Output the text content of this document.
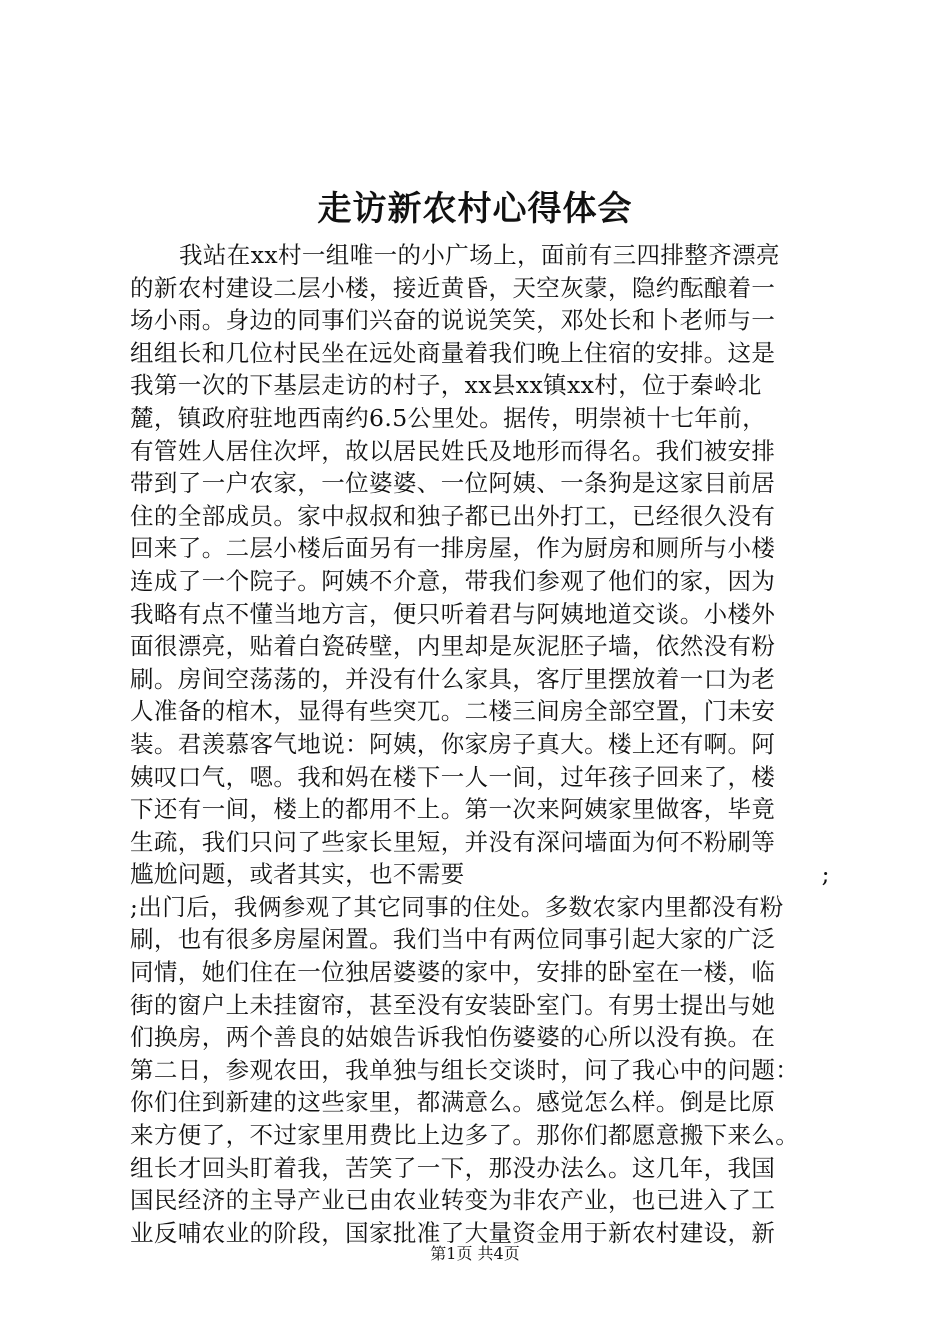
走访新农村心得体会
我站在xx村一组唯一的小广场上，面前有三四排整齐漂亮
的新农村建设二层小楼，接近黄昏，天空灰蒙，隐约酝酿着一
场小雨。身边的同事们兴奋的说说笑笑，邓处长和卜老师与一
组组长和几位村民坐在远处商量着我们晚上住宿的安排。这是
我第一次的下基层走访的村子，xx县xx镇xx村，位于秦岭北
麓，镇政府驻地西南约6.5公里处。据传，明崇祯十七年前，
有管姓人居住次坪，故以居民姓氏及地形而得名。我们被安排
带到了一户农家，一位婆婆、一位阿姨、一条狗是这家目前居
住的全部成员。家中叔叔和独子都已出外打工，已经很久没有
回来了。二层小楼后面另有一排房屋，作为厨房和厕所与小楼
连成了一个院子。阿姨不介意，带我们参观了他们的家，因为
我略有点不懂当地方言，便只听着君与阿姨地道交谈。小楼外
面很漂亮，贴着白瓷砖壁，内里却是灰泥胚子墙，依然没有粉
刷。房间空荡荡的，并没有什么家具，客厅里摆放着一口为老
人准备的棺木，显得有些突兀。二楼三间房全部空置，门未安
装。君羡慕客气地说：阿姨，你家房子真大。楼上还有啊。阿
姨叹口气，嗯。我和妈在楼下一人一间，过年孩子回来了，楼
下还有一间，楼上的都用不上。第一次来阿姨家里做客，毕竟
生疏，我们只问了些家长里短，并没有深问墙面为何不粉刷等
尴尬问题，或者其实，也不需要	;
;出门后，我俩参观了其它同事的住处。多数农家内里都没有粉
刷，也有很多房屋闲置。我们当中有两位同事引起大家的广泛
同情，她们住在一位独居婆婆的家中，安排的卧室在一楼，临
街的窗户上未挂窗帘，甚至没有安装卧室门。有男士提出与她
们换房，两个善良的姑娘告诉我怕伤婆婆的心所以没有换。在
第二日，参观农田，我单独与组长交谈时，问了我心中的问题：
你们住到新建的这些家里，都满意么。感觉怎么样。倒是比原
来方便了，不过家里用费比上边多了。那你们都愿意搬下来么。
组长才回头盯着我，苦笑了一下，那没办法么。这几年，我国
国民经济的主导产业已由农业转变为非农产业，也已进入了工
业反哺农业的阶段，国家批准了大量资金用于新农村建设，新
第1页 共4页
